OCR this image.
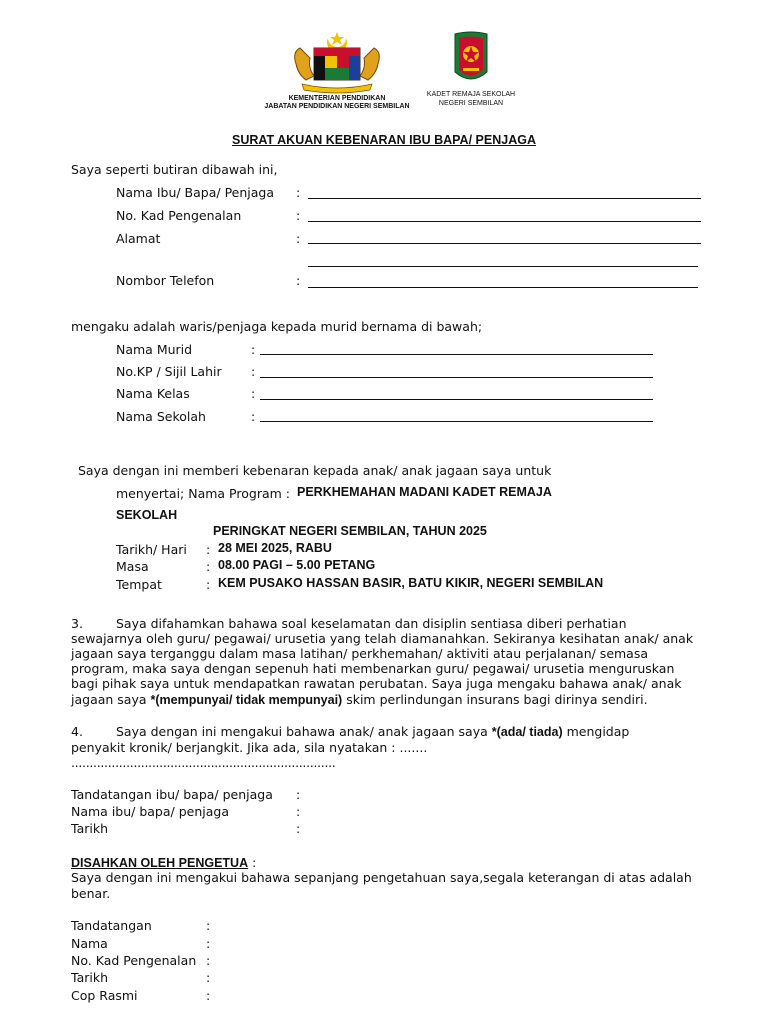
KEMENTERIAN PENDIDIKAN
JABATAN PENDIDIKAN NEGERI SEMBILAN
KADET REMAJA SEKOLAH
NEGERI SEMBILAN
SURAT AKUAN KEBENARAN IBU BAPA/ PENJAGA
Saya seperti butiran dibawah ini,
Nama Ibu/ Bapa/ Penjaga :
No. Kad Pengenalan	:
Alamat	:
Nombor Telefon	:
mengaku adalah waris/penjaga kepada murid bernama di bawah;
Nama Murid	:
No.KP / Sijil Lahir :
Nama Kelas	:
Nama Sekolah	:
Saya dengan ini memberi kebenaran kepada anak/ anak jagaan saya untuk
menyertai; Nama Program : PERKHEMAHAN MADANI KADET REMAJA
SEKOLAH
PERINGKAT NEGERI SEMBILAN, TAHUN 2025
Tarikh/ Hari : 28 MEI 2025, RABU
Masa	: 08.00 PAGI – 5.00 PETANG
Tempat	: KEM PUSAKO HASSAN BASIR, BATU KIKIR, NEGERI SEMBILAN
3.	Saya difahamkan bahawa soal keselamatan dan disiplin sentiasa diberi perhatian
sewajarnya oleh guru/ pegawai/ urusetia yang telah diamanahkan. Sekiranya kesihatan anak/ anak
jagaan saya terganggu dalam masa latihan/ perkhemahan/ aktiviti atau perjalanan/ semasa
program, maka saya dengan sepenuh hati membenarkan guru/ pegawai/ urusetia menguruskan
bagi pihak saya untuk mendapatkan rawatan perubatan. Saya juga mengaku bahawa anak/ anak
jagaan saya *(mempunyai/ tidak mempunyai) skim perlindungan insurans bagi dirinya sendiri.
4.	Saya dengan ini mengakui bahawa anak/ anak jagaan saya *(ada/ tiada) mengidap
penyakit kronik/ berjangkit. Jika ada, sila nyatakan : .......
........................................................................
Tandatangan ibu/ bapa/ penjaga :
Nama ibu/ bapa/ penjaga	:
Tarikh	:
DISAHKAN OLEH PENGETUA :
Saya dengan ini mengakui bahawa sepanjang pengetahuan saya,segala keterangan di atas adalah
benar.
Tandatangan	:
Nama	:
No. Kad Pengenalan :
Tarikh	:
Cop Rasmi	:
